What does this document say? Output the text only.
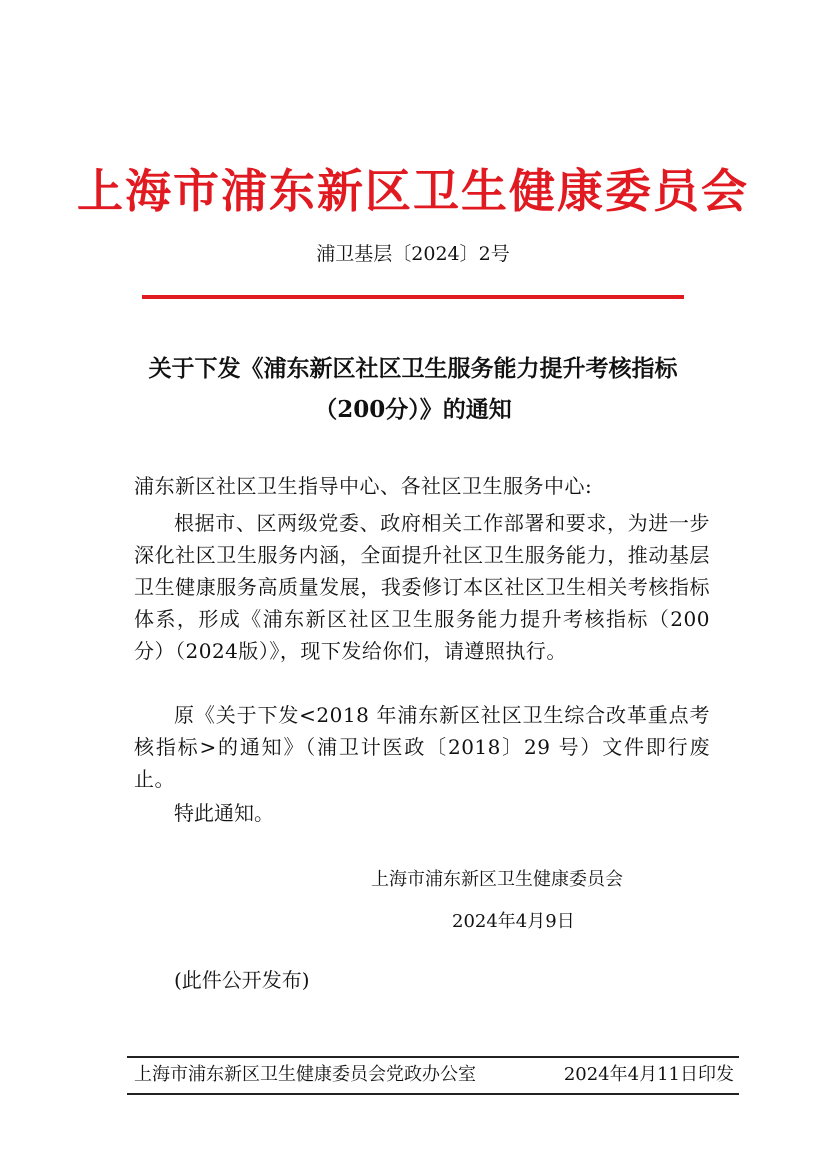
上海市浦东新区卫生健康委员会
浦卫基层〔2024〕2号
关于下发《浦东新区社区卫生服务能力提升考核指标
（200分）》的通知
浦东新区社区卫生指导中心、各社区卫生服务中心:

根据市、区两级党委、政府相关工作部署和要求，为进一步深化社区卫生服务内涵，全面提升社区卫生服务能力，推动基层卫生健康服务高质量发展，我委修订本区社区卫生相关考核指标体系，形成《浦东新区社区卫生服务能力提升考核指标（200分）（2024版）》，现下发给你们，请遵照执行。

原《关于下发<2018 年浦东新区社区卫生综合改革重点考核指标>的通知》（浦卫计医政〔2018〕29 号）文件即行废止。

特此通知。
上海市浦东新区卫生健康委员会
2024年4月9日
(此件公开发布)
上海市浦东新区卫生健康委员会党政办公室	2024年4月11日印发
